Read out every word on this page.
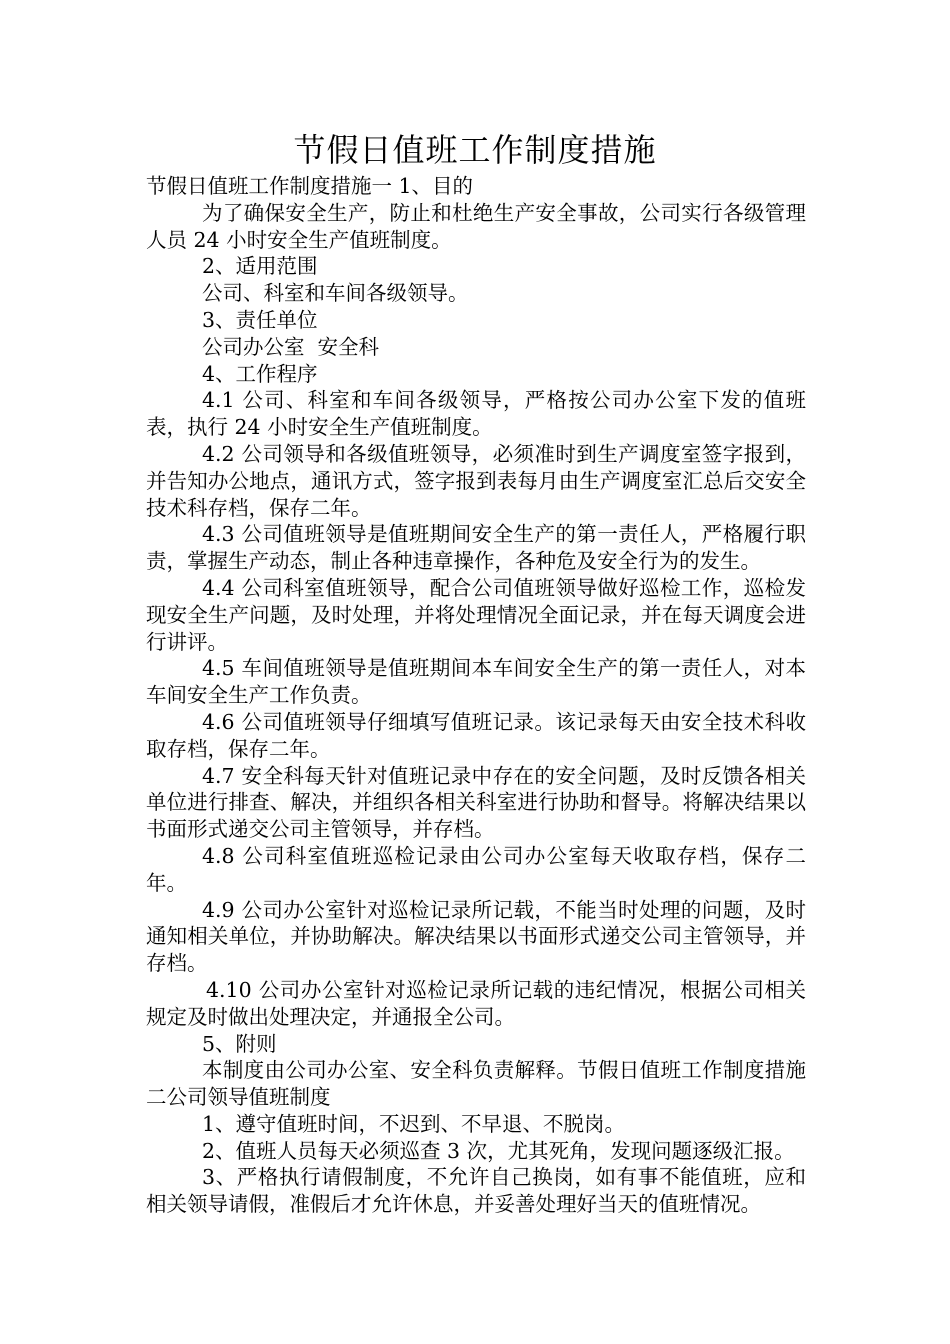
节假日值班工作制度措施

节假日值班工作制度措施一 1、目的

为了确保安全生产，防止和杜绝生产安全事故，公司实行各级管理人员 24 小时安全生产值班制度。

2、适用范围

公司、科室和车间各级领导。

3、责任单位

公司办公室  安全科

4、工作程序

4.1 公司、科室和车间各级领导，严格按公司办公室下发的值班表，执行 24 小时安全生产值班制度。

4.2 公司领导和各级值班领导，必须准时到生产调度室签字报到，并告知办公地点，通讯方式，签字报到表每月由生产调度室汇总后交安全技术科存档，保存二年。

4.3 公司值班领导是值班期间安全生产的第一责任人，严格履行职责，掌握生产动态，制止各种违章操作，各种危及安全行为的发生。

4.4 公司科室值班领导，配合公司值班领导做好巡检工作，巡检发现安全生产问题，及时处理，并将处理情况全面记录，并在每天调度会进行讲评。

4.5 车间值班领导是值班期间本车间安全生产的第一责任人，对本车间安全生产工作负责。

4.6 公司值班领导仔细填写值班记录。该记录每天由安全技术科收取存档，保存二年。

4.7 安全科每天针对值班记录中存在的安全问题，及时反馈各相关单位进行排查、解决，并组织各相关科室进行协助和督导。将解决结果以书面形式递交公司主管领导，并存档。

4.8 公司科室值班巡检记录由公司办公室每天收取存档，保存二年。

4.9 公司办公室针对巡检记录所记载，不能当时处理的问题，及时通知相关单位，并协助解决。解决结果以书面形式递交公司主管领导，并存档。

4.10 公司办公室针对巡检记录所记载的违纪情况，根据公司相关规定及时做出处理决定，并通报全公司。

5、附则

本制度由公司办公室、安全科负责解释。节假日值班工作制度措施二公司领导值班制度

1、遵守值班时间，不迟到、不早退、不脱岗。

2、值班人员每天必须巡查 3 次，尤其死角，发现问题逐级汇报。

3、严格执行请假制度，不允许自己换岗，如有事不能值班，应和相关领导请假，准假后才允许休息，并妥善处理好当天的值班情况。
